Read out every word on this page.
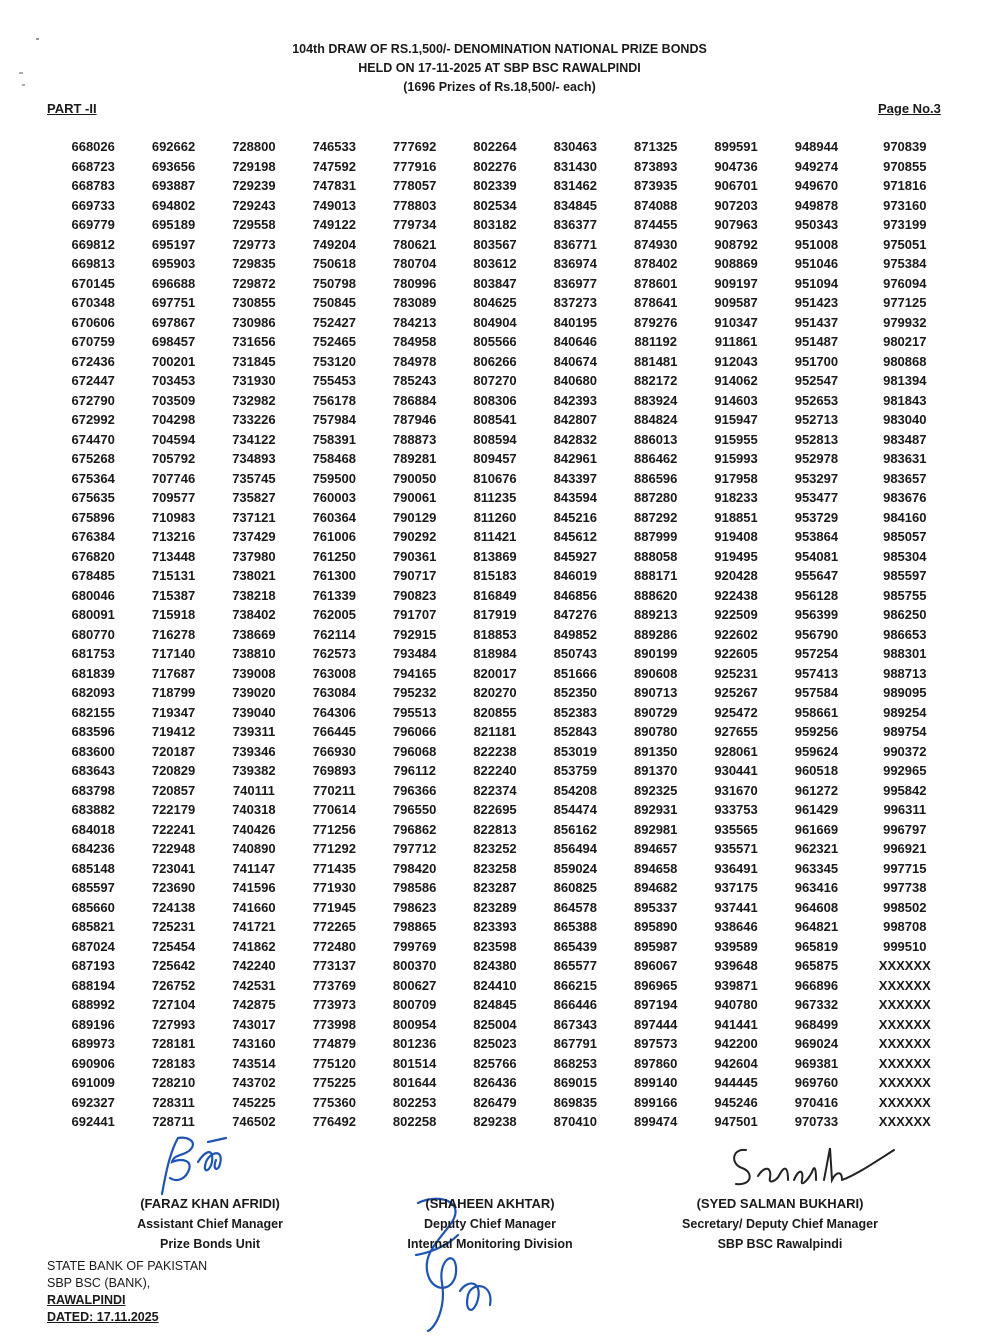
104th DRAW OF RS.1,500/- DENOMINATION NATIONAL PRIZE BONDS
HELD ON 17-11-2025 AT SBP BSC RAWALPINDI
(1696 Prizes of Rs.18,500/- each)
PART -II	Page No.3
668026	692662	728800	746533	777692	802264	830463	871325	899591	948944	970839
668723	693656	729198	747592	777916	802276	831430	873893	904736	949274	970855
668783	693887	729239	747831	778057	802339	831462	873935	906701	949670	971816
669733	694802	729243	749013	778803	802534	834845	874088	907203	949878	973160
669779	695189	729558	749122	779734	803182	836377	874455	907963	950343	973199
669812	695197	729773	749204	780621	803567	836771	874930	908792	951008	975051
669813	695903	729835	750618	780704	803612	836974	878402	908869	951046	975384
670145	696688	729872	750798	780996	803847	836977	878601	909197	951094	976094
670348	697751	730855	750845	783089	804625	837273	878641	909587	951423	977125
670606	697867	730986	752427	784213	804904	840195	879276	910347	951437	979932
670759	698457	731656	752465	784958	805566	840646	881192	911861	951487	980217
672436	700201	731845	753120	784978	806266	840674	881481	912043	951700	980868
672447	703453	731930	755453	785243	807270	840680	882172	914062	952547	981394
672790	703509	732982	756178	786884	808306	842393	883924	914603	952653	981843
672992	704298	733226	757984	787946	808541	842807	884824	915947	952713	983040
674470	704594	734122	758391	788873	808594	842832	886013	915955	952813	983487
675268	705792	734893	758468	789281	809457	842961	886462	915993	952978	983631
675364	707746	735745	759500	790050	810676	843397	886596	917958	953297	983657
675635	709577	735827	760003	790061	811235	843594	887280	918233	953477	983676
675896	710983	737121	760364	790129	811260	845216	887292	918851	953729	984160
676384	713216	737429	761006	790292	811421	845612	887999	919408	953864	985057
676820	713448	737980	761250	790361	813869	845927	888058	919495	954081	985304
678485	715131	738021	761300	790717	815183	846019	888171	920428	955647	985597
680046	715387	738218	761339	790823	816849	846856	888620	922438	956128	985755
680091	715918	738402	762005	791707	817919	847276	889213	922509	956399	986250
680770	716278	738669	762114	792915	818853	849852	889286	922602	956790	986653
681753	717140	738810	762573	793484	818984	850743	890199	922605	957254	988301
681839	717687	739008	763008	794165	820017	851666	890608	925231	957413	988713
682093	718799	739020	763084	795232	820270	852350	890713	925267	957584	989095
682155	719347	739040	764306	795513	820855	852383	890729	925472	958661	989254
683596	719412	739311	766445	796066	821181	852843	890780	927655	959256	989754
683600	720187	739346	766930	796068	822238	853019	891350	928061	959624	990372
683643	720829	739382	769893	796112	822240	853759	891370	930441	960518	992965
683798	720857	740111	770211	796366	822374	854208	892325	931670	961272	995842
683882	722179	740318	770614	796550	822695	854474	892931	933753	961429	996311
684018	722241	740426	771256	796862	822813	856162	892981	935565	961669	996797
684236	722948	740890	771292	797712	823252	856494	894657	935571	962321	996921
685148	723041	741147	771435	798420	823258	859024	894658	936491	963345	997715
685597	723690	741596	771930	798586	823287	860825	894682	937175	963416	997738
685660	724138	741660	771945	798623	823289	864578	895337	937441	964608	998502
685821	725231	741721	772265	798865	823393	865388	895890	938646	964821	998708
687024	725454	741862	772480	799769	823598	865439	895987	939589	965819	999510
687193	725642	742240	773137	800370	824380	865577	896067	939648	965875	XXXXXX
688194	726752	742531	773769	800627	824410	866215	896965	939871	966896	XXXXXX
688992	727104	742875	773973	800709	824845	866446	897194	940780	967332	XXXXXX
689196	727993	743017	773998	800954	825004	867343	897444	941441	968499	XXXXXX
689973	728181	743160	774879	801236	825023	867791	897573	942200	969024	XXXXXX
690906	728183	743514	775120	801514	825766	868253	897860	942604	969381	XXXXXX
691009	728210	743702	775225	801644	826436	869015	899140	944445	969760	XXXXXX
692327	728311	745225	775360	802253	826479	869835	899166	945246	970416	XXXXXX
692441	728711	746502	776492	802258	829238	870410	899474	947501	970733	XXXXXX
(FARAZ KHAN AFRIDI)
Assistant Chief Manager
Prize Bonds Unit
(SHAHEEN AKHTAR)
Deputy Chief Manager
Internal Monitoring Division
(SYED SALMAN BUKHARI)
Secretary/ Deputy Chief Manager
SBP BSC Rawalpindi
STATE BANK OF PAKISTAN
SBP BSC (BANK),
RAWALPINDI
DATED: 17.11.2025
